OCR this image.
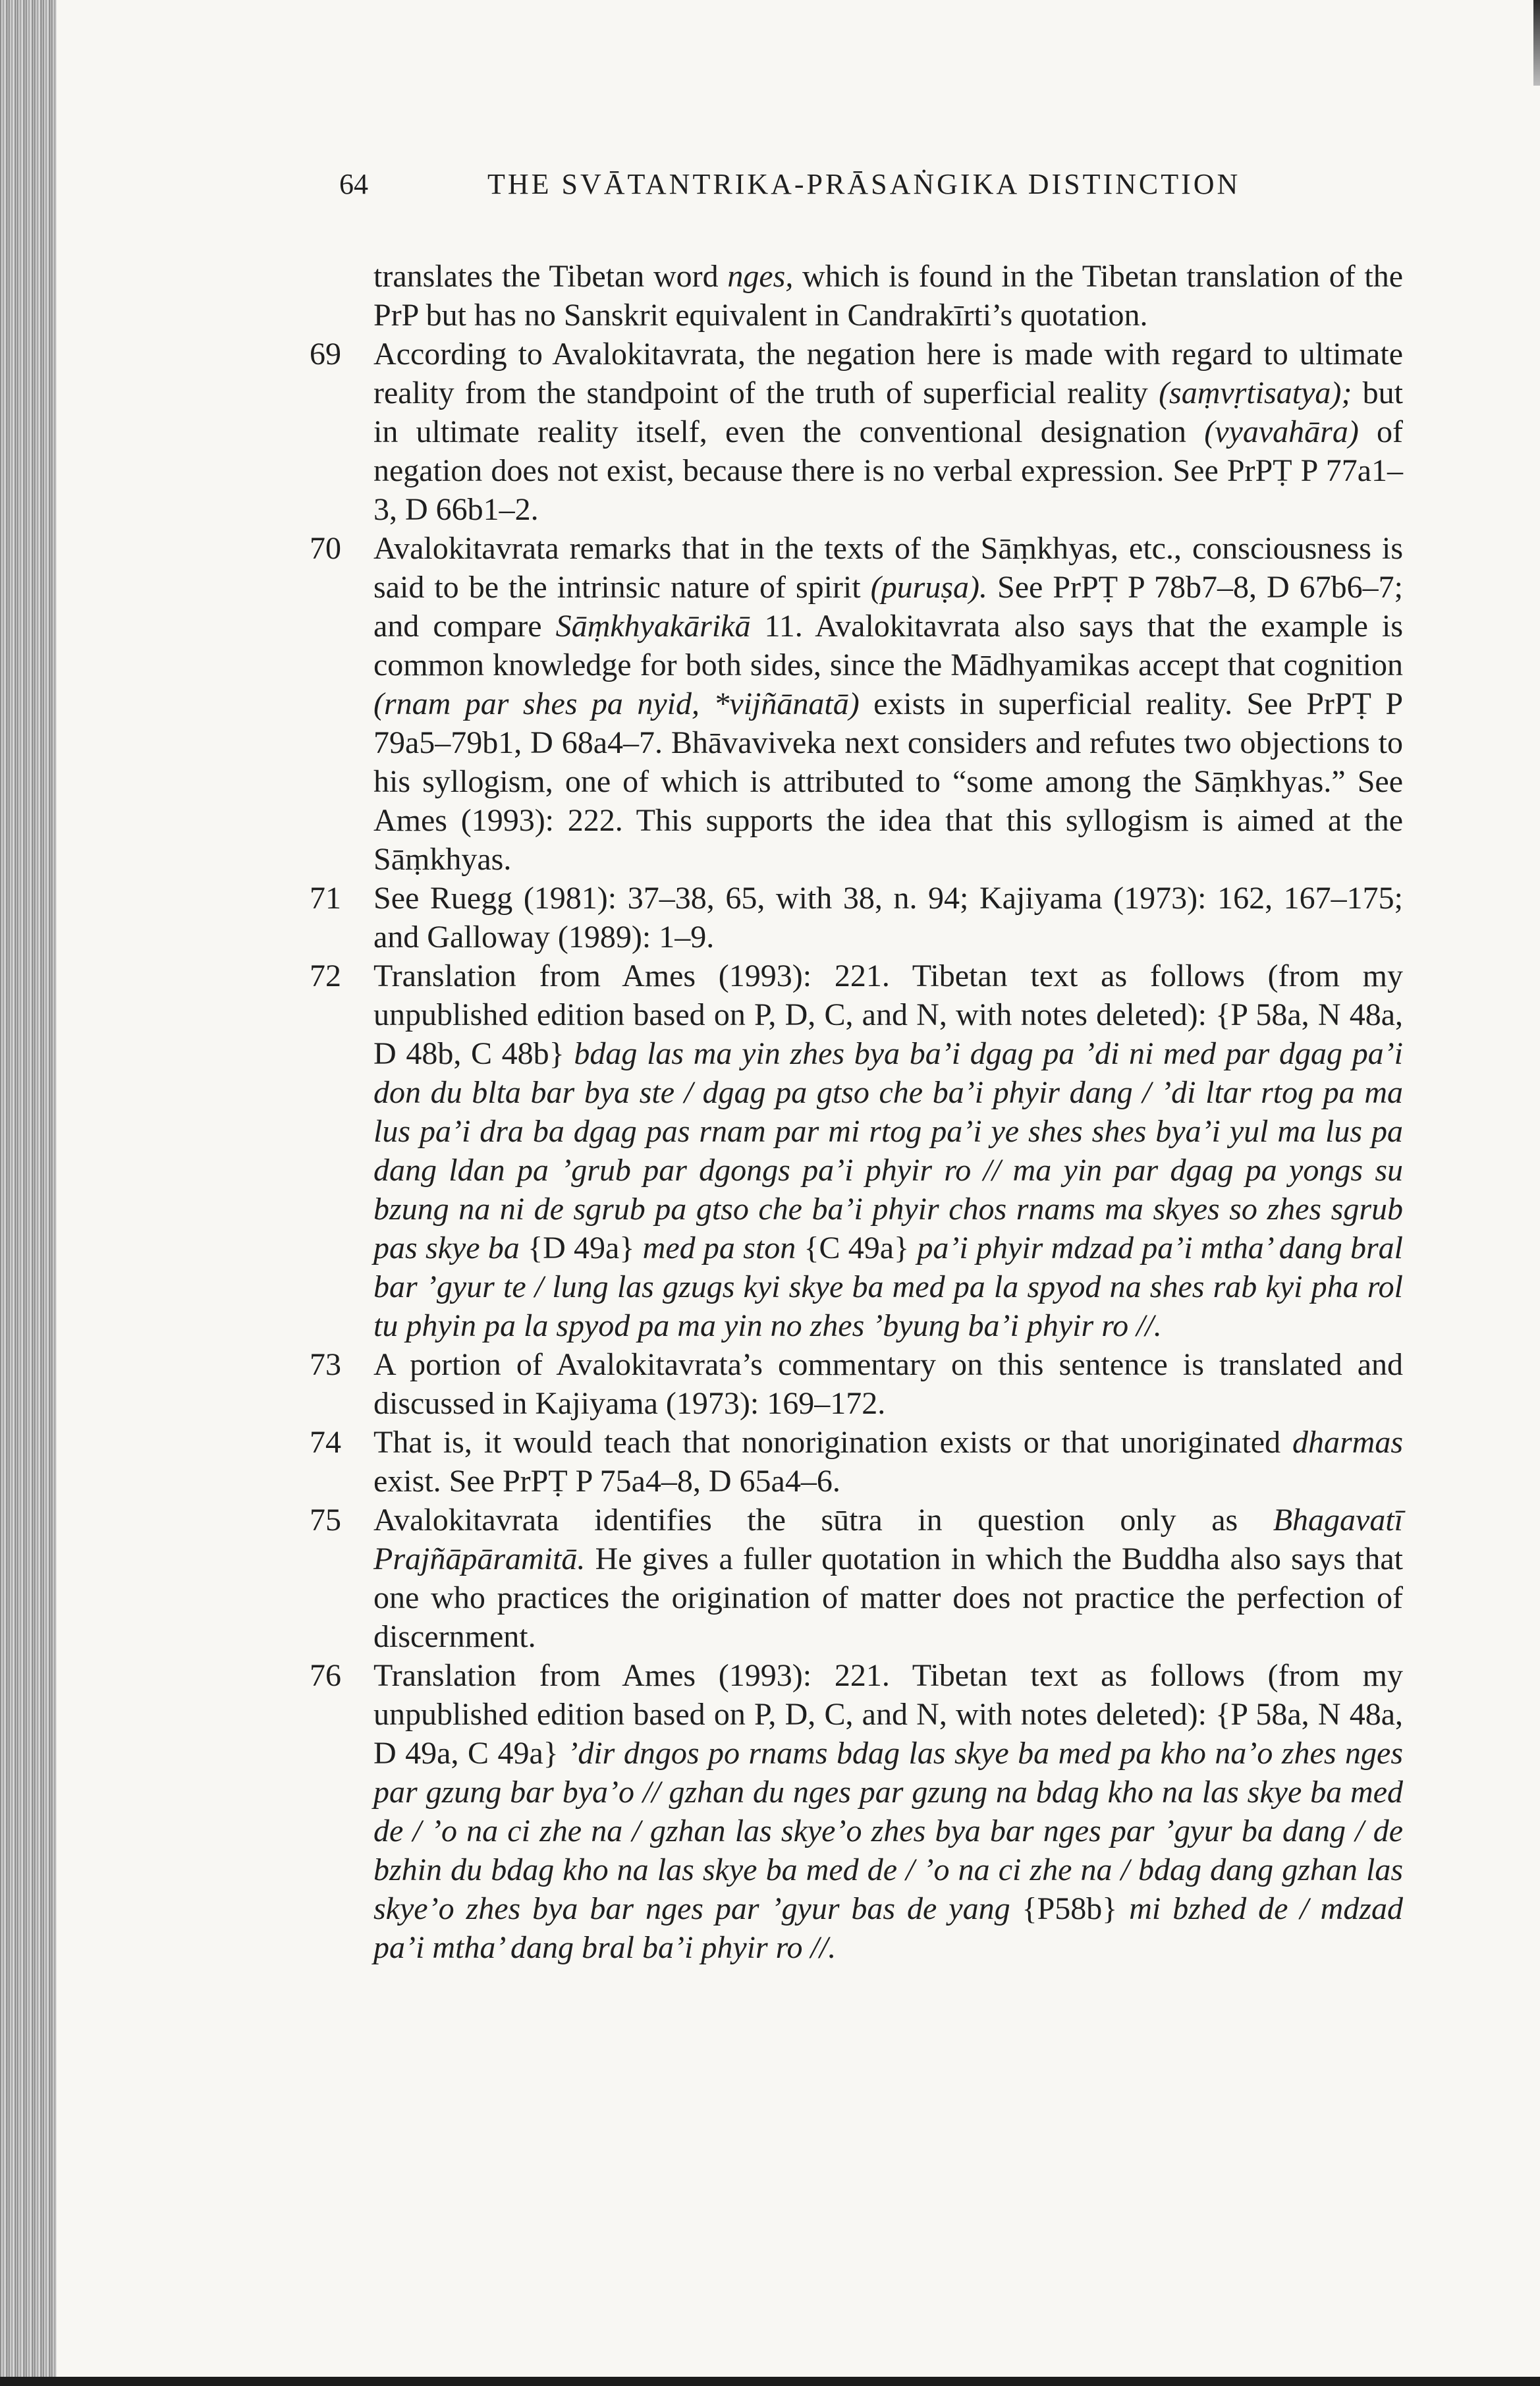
64	THE SVĀTANTRIKA-PRĀSAṄGIKA DISTINCTION

translates the Tibetan word nges, which is found in the Tibetan translation of the PrP but has no Sanskrit equivalent in Candrakīrti’s quotation.

69	According to Avalokitavrata, the negation here is made with regard to ultimate reality from the standpoint of the truth of superficial reality (saṃvṛtisatya); but in ultimate reality itself, even the conventional designation (vyavahāra) of negation does not exist, because there is no verbal expression. See PrPṬ P 77a1–3, D 66b1–2.

70	Avalokitavrata remarks that in the texts of the Sāṃkhyas, etc., consciousness is said to be the intrinsic nature of spirit (puruṣa). See PrPṬ P 78b7–8, D 67b6–7; and compare Sāṃkhyakārikā 11. Avalokitavrata also says that the example is common knowledge for both sides, since the Mādhyamikas accept that cognition (rnam par shes pa nyid, *vijñānatā) exists in superficial reality. See PrPṬ P 79a5–79b1, D 68a4–7. Bhāvaviveka next considers and refutes two objections to his syllogism, one of which is attributed to “some among the Sāṃkhyas.” See Ames (1993): 222. This supports the idea that this syllogism is aimed at the Sāṃkhyas.

71	See Ruegg (1981): 37–38, 65, with 38, n. 94; Kajiyama (1973): 162, 167–175; and Galloway (1989): 1–9.

72	Translation from Ames (1993): 221. Tibetan text as follows (from my unpublished edition based on P, D, C, and N, with notes deleted): {P 58a, N 48a, D 48b, C 48b} bdag las ma yin zhes bya ba’i dgag pa ’di ni med par dgag pa’i don du blta bar bya ste / dgag pa gtso che ba’i phyir dang / ’di ltar rtog pa ma lus pa’i dra ba dgag pas rnam par mi rtog pa’i ye shes shes bya’i yul ma lus pa dang ldan pa ’grub par dgongs pa’i phyir ro // ma yin par dgag pa yongs su bzung na ni de sgrub pa gtso che ba’i phyir chos rnams ma skyes so zhes sgrub pas skye ba {D 49a} med pa ston {C 49a} pa’i phyir mdzad pa’i mtha’ dang bral bar ’gyur te / lung las gzugs kyi skye ba med pa la spyod na shes rab kyi pha rol tu phyin pa la spyod pa ma yin no zhes ’byung ba’i phyir ro //.

73	A portion of Avalokitavrata’s commentary on this sentence is translated and discussed in Kajiyama (1973): 169–172.

74	That is, it would teach that nonorigination exists or that unoriginated dharmas exist. See PrPṬ P 75a4–8, D 65a4–6.

75	Avalokitavrata identifies the sūtra in question only as Bhagavatī Prajñāpāramitā. He gives a fuller quotation in which the Buddha also says that one who practices the origination of matter does not practice the perfection of discernment.

76	Translation from Ames (1993): 221. Tibetan text as follows (from my unpublished edition based on P, D, C, and N, with notes deleted): {P 58a, N 48a, D 49a, C 49a} ’dir dngos po rnams bdag las skye ba med pa kho na’o zhes nges par gzung bar bya’o // gzhan du nges par gzung na bdag kho na las skye ba med de / ’o na ci zhe na / gzhan las skye’o zhes bya bar nges par ’gyur ba dang / de bzhin du bdag kho na las skye ba med de / ’o na ci zhe na / bdag dang gzhan las skye’o zhes bya bar nges par ’gyur bas de yang {P58b} mi bzhed de / mdzad pa’i mtha’ dang bral ba’i phyir ro //.
